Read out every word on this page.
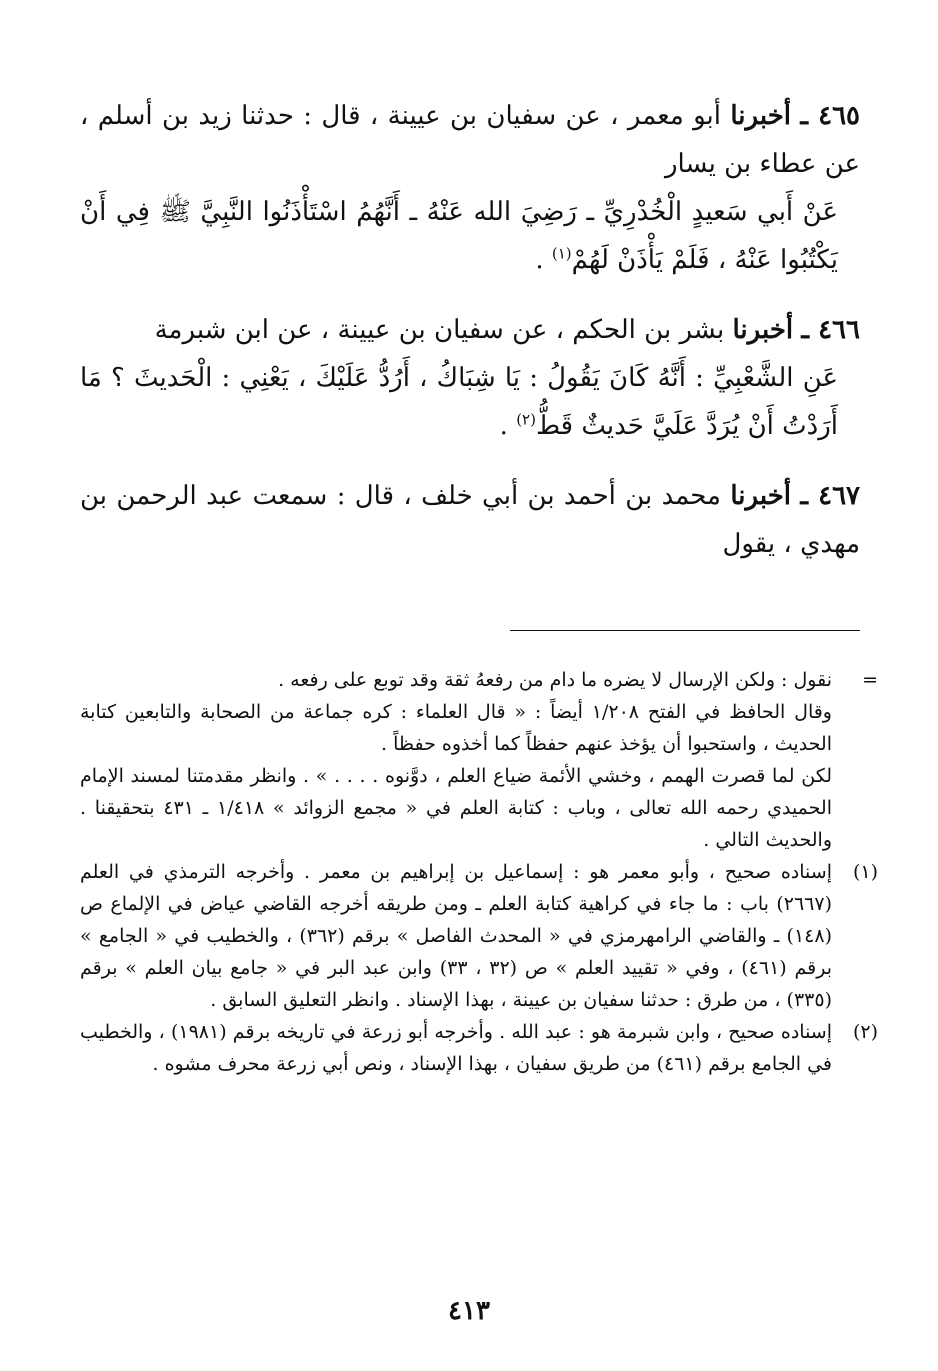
٤٦٥ ـ أخبرنا أبو معمر ، عن سفيان بن عيينة ، قال : حدثنا زيد بن أسلم ، عن عطاء بن يسار

عَنْ أَبي سَعيدٍ الْخُدْرِيِّ ـ رَضِيَ الله عَنْهُ ـ أَنَّهُمُ اسْتَأْذَنُوا النَّبِيَّ ﷺ فِي أَنْ يَكْتُبُوا عَنْهُ ، فَلَمْ يَأْذَنْ لَهُمْ$^{(١)}$ .

٤٦٦ ـ أخبرنا بشر بن الحكم ، عن سفيان بن عيينة ، عن ابن شبرمة

عَنِ الشَّعْبِيِّ : أَنَّهُ كَانَ يَقُولُ : يَا شِبَاكُ ، أَرُدُّ عَلَيْكَ ، يَعْنِي : الْحَديثَ ؟ مَا أَرَدْتُ أَنْ يُرَدَّ عَلَيَّ حَديثٌ قَطُّ$^{(٢)}$ .

٤٦٧ ـ أخبرنا محمد بن أحمد بن أبي خلف ، قال : سمعت عبد الرحمن بن مهدي ، يقول

=

نقول : ولكن الإرسال لا يضره ما دام من رفعهُ ثقة وقد توبع على رفعه .

وقال الحافظ في الفتح ١/٢٠٨ أيضاً : « قال العلماء : كره جماعة من الصحابة والتابعين كتابة الحديث ، واستحبوا أن يؤخذ عنهم حفظاً كما أخذوه حفظاً .

لكن لما قصرت الهمم ، وخشي الأئمة ضياع العلم ، دوَّنوه . . . . » . وانظر مقدمتنا لمسند الإمام الحميدي رحمه الله تعالى ، وباب : كتابة العلم في « مجمع الزوائد » ١/٤١٨ ـ ٤٣١ بتحقيقنا . والحديث التالي .

(١)

إسناده صحيح ، وأبو معمر هو : إسماعيل بن إبراهيم بن معمر . وأخرجه الترمذي في العلم (٢٦٦٧) باب : ما جاء في كراهية كتابة العلم ـ ومن طريقه أخرجه القاضي عياض في الإلماع ص (١٤٨) ـ والقاضي الرامهرمزي في « المحدث الفاصل » برقم (٣٦٢) ، والخطيب في « الجامع » برقم (٤٦١) ، وفي « تقييد العلم » ص (٣٢ ، ٣٣) وابن عبد البر في « جامع بيان العلم » برقم (٣٣٥) ، من طرق : حدثنا سفيان بن عيينة ، بهذا الإسناد . وانظر التعليق السابق .

(٢)

إسناده صحيح ، وابن شبرمة هو : عبد الله . وأخرجه أبو زرعة في تاريخه برقم (١٩٨١) ، والخطيب في الجامع برقم (٤٦١) من طريق سفيان ، بهذا الإسناد ، ونص أبي زرعة محرف مشوه .

٤١٣
